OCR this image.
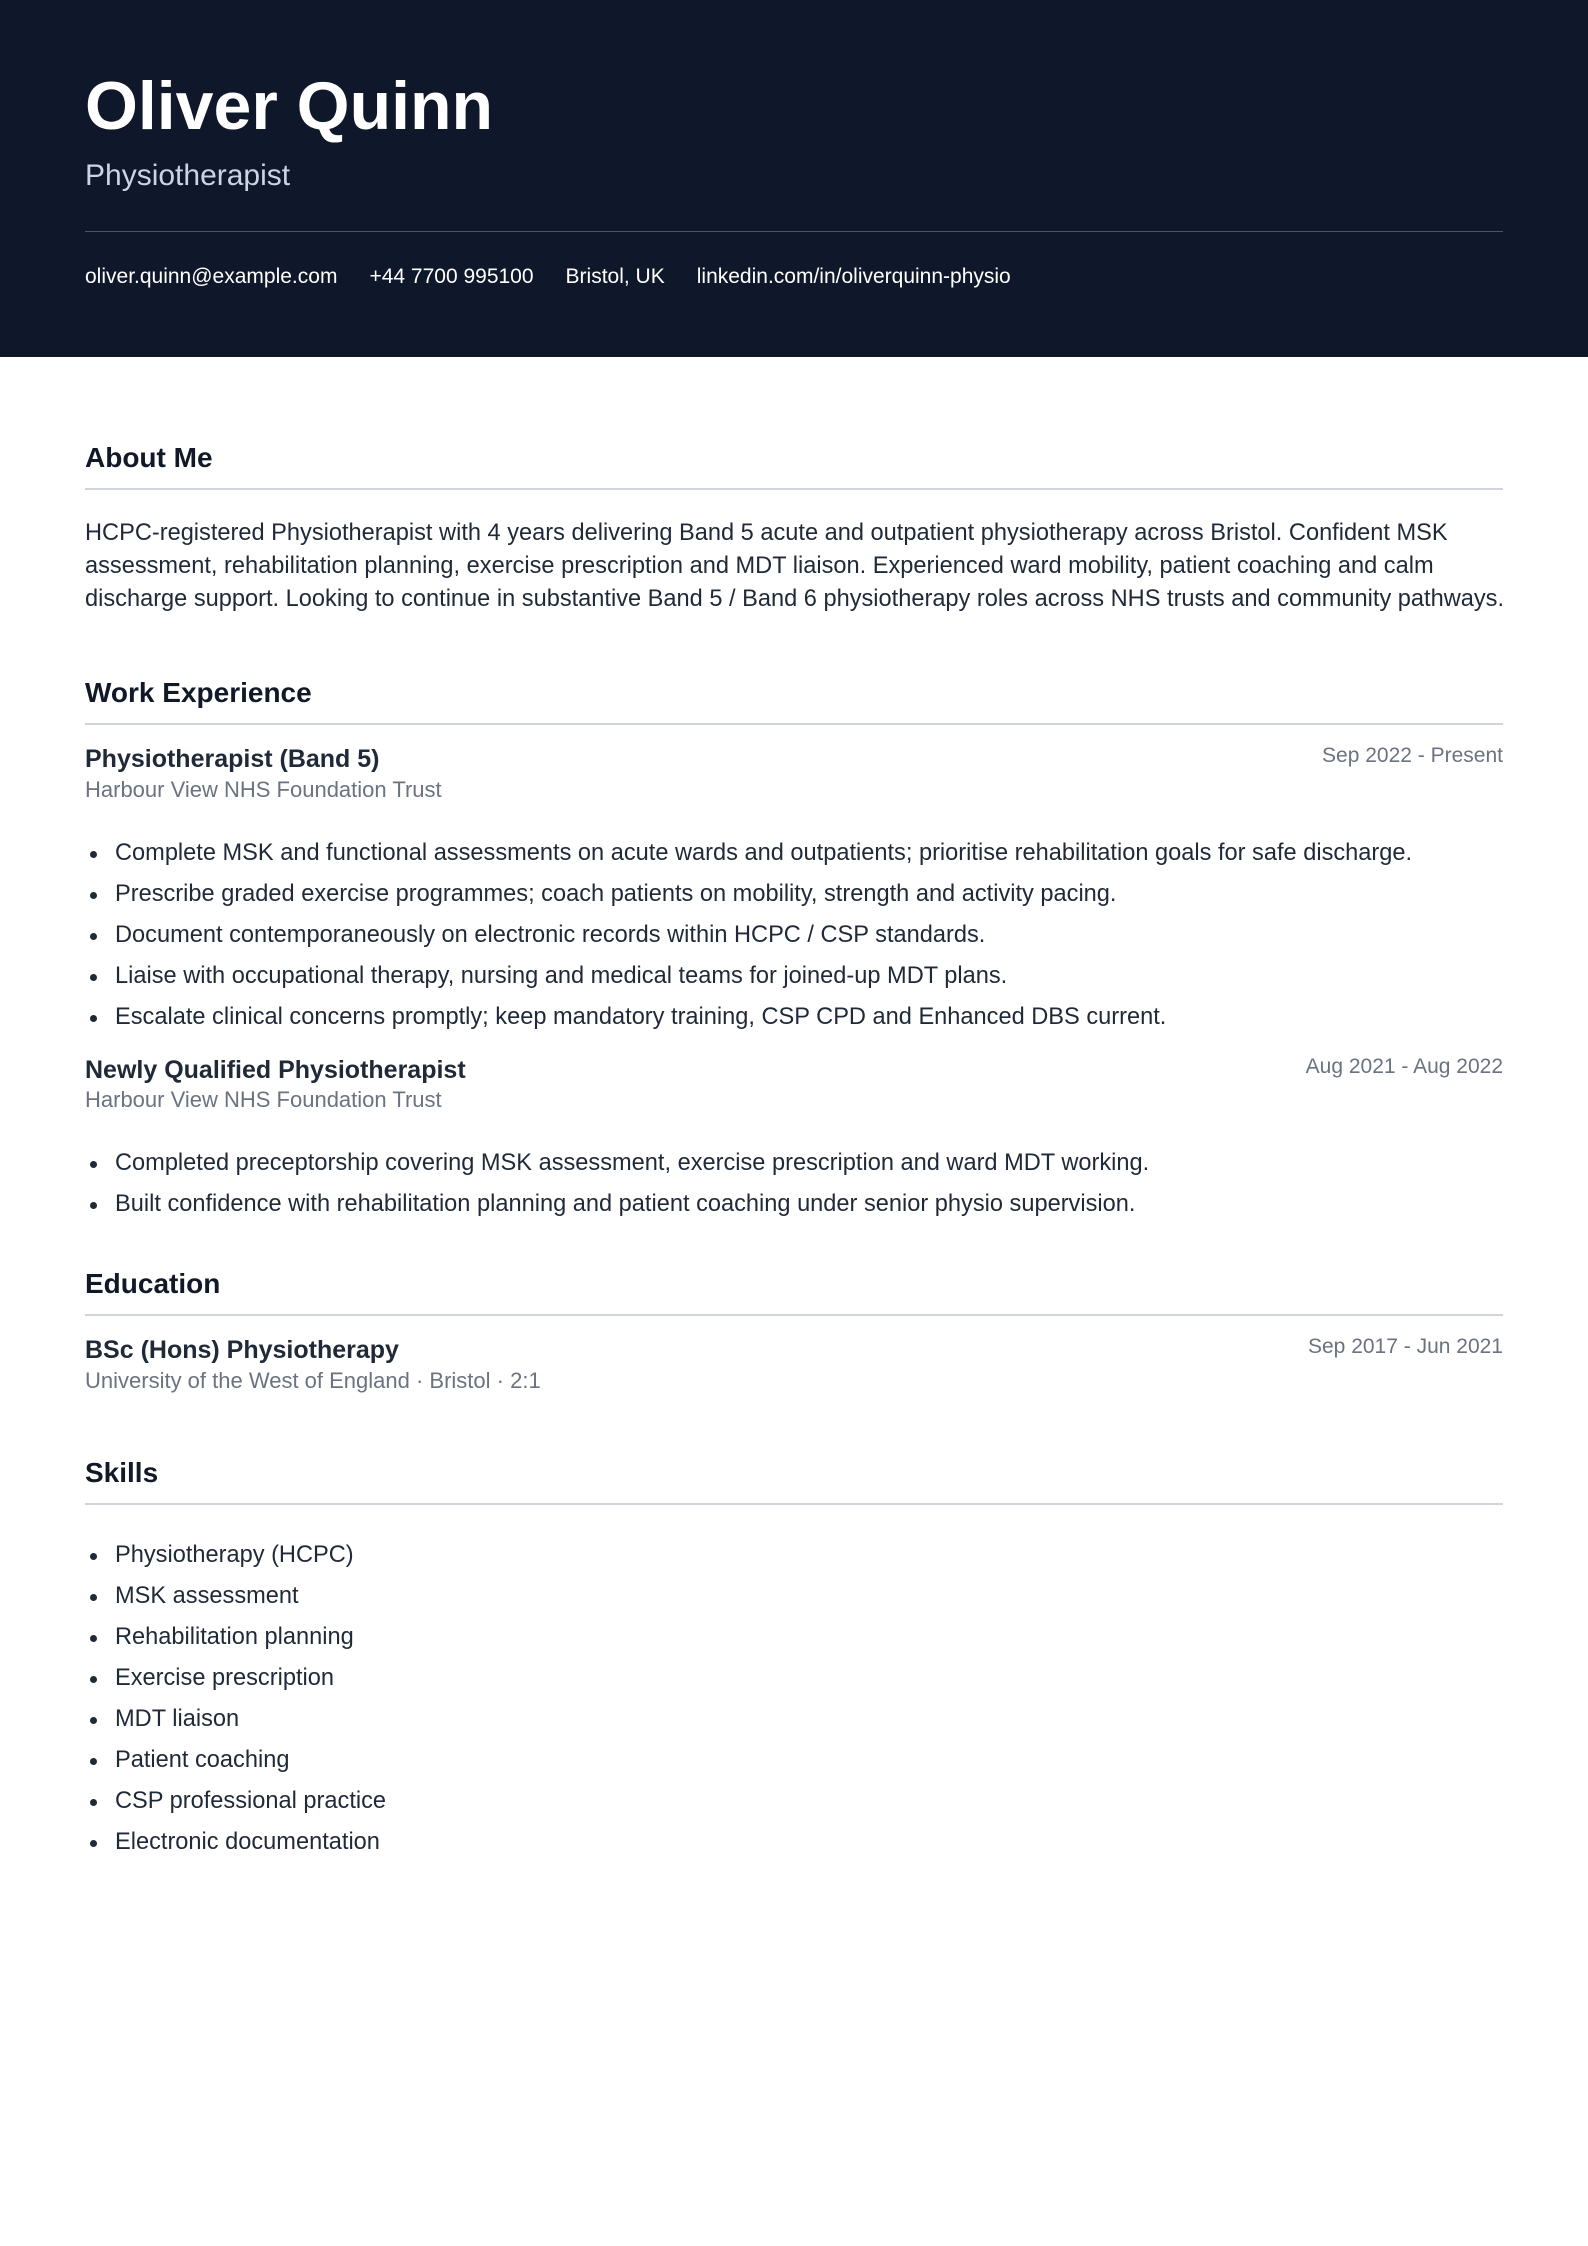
Oliver Quinn
Physiotherapist
oliver.quinn@example.com +44 7700 995100 Bristol, UK linkedin.com/in/oliverquinn-physio
About Me
HCPC-registered Physiotherapist with 4 years delivering Band 5 acute and outpatient physiotherapy across Bristol. Confident MSK assessment, rehabilitation planning, exercise prescription and MDT liaison. Experienced ward mobility, patient coaching and calm discharge support. Looking to continue in substantive Band 5 / Band 6 physiotherapy roles across NHS trusts and community pathways.
Work Experience
Physiotherapist (Band 5)	Sep 2022 - Present
Harbour View NHS Foundation Trust
Complete MSK and functional assessments on acute wards and outpatients; prioritise rehabilitation goals for safe discharge.
Prescribe graded exercise programmes; coach patients on mobility, strength and activity pacing.
Document contemporaneously on electronic records within HCPC / CSP standards.
Liaise with occupational therapy, nursing and medical teams for joined-up MDT plans.
Escalate clinical concerns promptly; keep mandatory training, CSP CPD and Enhanced DBS current.
Newly Qualified Physiotherapist	Aug 2021 - Aug 2022
Harbour View NHS Foundation Trust
Completed preceptorship covering MSK assessment, exercise prescription and ward MDT working.
Built confidence with rehabilitation planning and patient coaching under senior physio supervision.
Education
BSc (Hons) Physiotherapy	Sep 2017 - Jun 2021
University of the West of England · Bristol · 2:1
Skills
Physiotherapy (HCPC)
MSK assessment
Rehabilitation planning
Exercise prescription
MDT liaison
Patient coaching
CSP professional practice
Electronic documentation
